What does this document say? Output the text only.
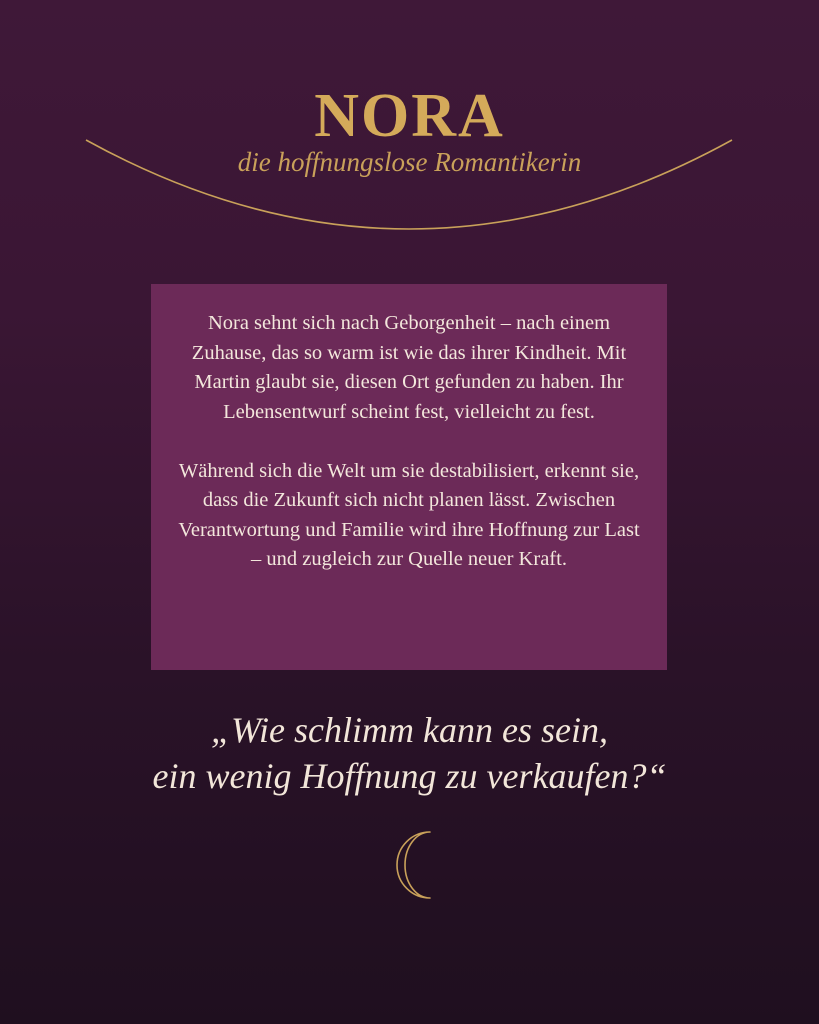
NORA
die hoffnungslose Romantikerin

Nora sehnt sich nach Geborgenheit – nach einem Zuhause, das so warm ist wie das ihrer Kindheit. Mit Martin glaubt sie, diesen Ort gefunden zu haben. Ihr Lebensentwurf scheint fest, vielleicht zu fest.

Während sich die Welt um sie destabilisiert, erkennt sie, dass die Zukunft sich nicht planen lässt. Zwischen Verantwortung und Familie wird ihre Hoffnung zur Last – und zugleich zur Quelle neuer Kraft.

„Wie schlimm kann es sein,
ein wenig Hoffnung zu verkaufen?“
